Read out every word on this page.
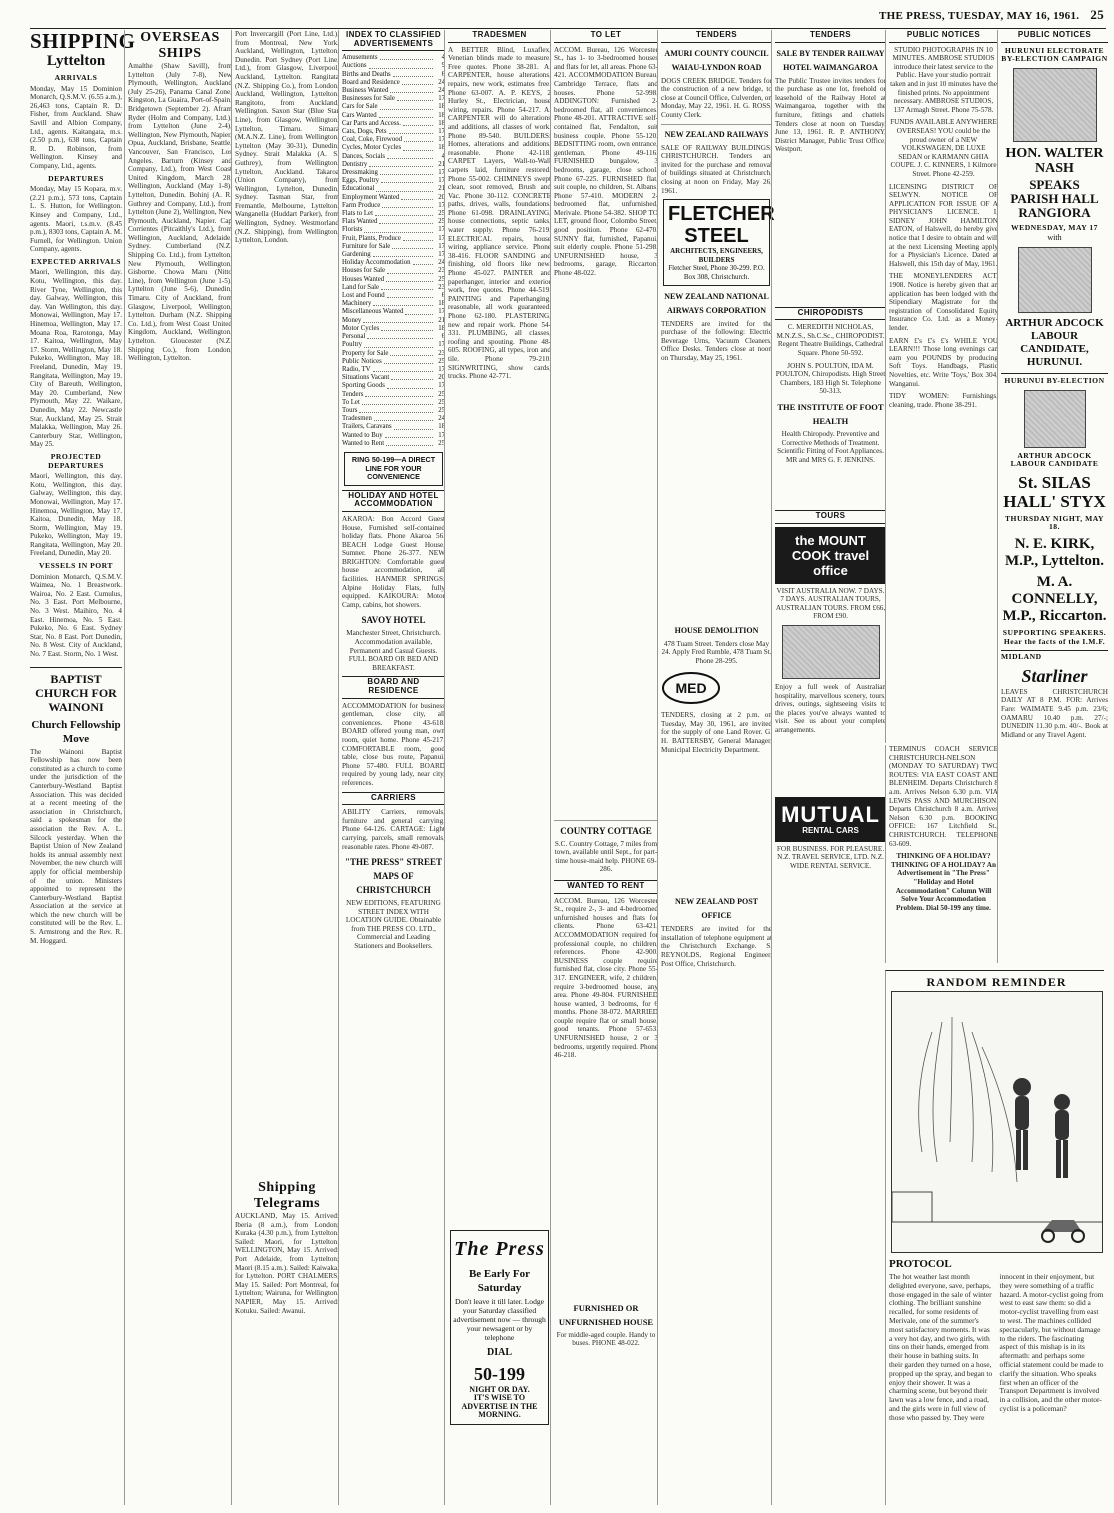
THE PRESS, TUESDAY, MAY 16, 1961. 25
SHIPPING
Lyttelton
ARRIVALS
Monday, May 15 Dominion Monarch, Q.S.M.V. (6.55 a.m.), 26,463 tons, Captain R. D. Fisher, from Auckland. Shaw Savill and Albion Company, Ltd., agents. Kaitangata, m.s. (2.50 p.m.), 638 tons, Captain R. D. Robinson, from Wellington. Kinsey and Company, Ltd., agents.
DEPARTURES
Monday, May 15 Kopara, m.v. (2.21 p.m.), 573 tons, Captain L. S. Hutton, for Wellington. Kinsey and Company, Ltd., agents. Maori, t.s.m.v. (8.45 p.m.), 8303 tons, Captain A. M. Furnell, for Wellington. Union Company, agents.
EXPECTED ARRIVALS
Maori, Wellington, this day. Kotu, Wellington, this day. River Tyne, Wellington, this day. Galway, Wellington, this day. Van Wellington, this day. Monowai, Wellington, May 17. Hinemoa, Wellington, May 17. Moana Roa, Rarotonga, May 17. Kaitoa, Wellington, May 17. Storm, Wellington, May 18. Pukeko, Wellington, May 18. Freeland, Dunedin, May 19. Rangitata, Wellington, May 19. City of Bareuth, Wellington, May 20. Cumberland, New Plymouth, May 22. Waikare, Dunedin, May 22. Newcastle Star, Auckland, May 25. Strait Malakka, Wellington, May 26. Canterbury Star, Wellington, May 25.
PROJECTED DEPARTURES
Maori, Wellington, this day. Kotu, Wellington, this day. Galway, Wellington, this day. Monowai, Wellington, May 17. Hinemoa, Wellington, May 17. Kaitoa, Dunedin, May 18. Storm, Wellington, May 19. Pukeko, Wellington, May 19. Rangitata, Wellington, May 20. Freeland, Dunedin, May 20.
VESSELS IN PORT
Dominion Monarch, Q.S.M.V. Waimea, No. 1 Breastwork. Wairoa, No. 2 East. Cumulus, No. 3 East. Port Melbourne, No. 3 West. Maihiro, No. 4 East. Hinemoa, No. 5 East. Pukeko, No. 6 East. Sydney Star, No. 8 East. Port Dunedin, No. 8 West. City of Auckland, No. 7 East. Storm, No. 1 West.
BAPTIST CHURCH FOR WAINONI
Church Fellowship Move
The Wainoni Baptist Fellowship has now been constituted as a church to come under the jurisdiction of the Canterbury-Westland Baptist Association. This was decided at a recent meeting of the association in Christchurch, said a spokesman for the association the Rev. A. L. Silcock yesterday. When the Baptist Union of New Zealand holds its annual assembly next November, the new church will apply for official membership of the union. Ministers appointed to represent the Canterbury-Westland Baptist Association at the service at which the new church will be constituted will be the Rev. L. S. Armstrong and the Rev. R. M. Hoggard.
OVERSEAS SHIPS
Amalthe (Shaw Savill), from Lyttelton (July 7-8), New Plymouth, Wellington, Auckland (July 25-26), Panama Canal Zone, Kingston, La Guaira, Port-of-Spain, Bridgetown (September 2). Afram Ryder (Holm and Company, Ltd.), from Lyttelton (June 2-4), Wellington, New Plymouth, Napier, Opua, Auckland, Brisbane, Seattle, Vancouver, San Francisco, Los Angeles. Barturn (Kinsey and Company, Ltd.), from West Coast United Kingdom, March 28, Wellington, Auckland (May 1-8), Lyttelton, Dunedin. Bohinj (A. R. Guthrey and Company, Ltd.), from Lyttelton (June 2), Wellington, New Plymouth, Auckland, Napier. Cap Corrientes (Pitcaithly's Ltd.), from Wellington, Auckland, Adelaide, Sydney. Cumberland (N.Z. Shipping Co. Ltd.), from Lyttelton, New Plymouth, Wellington, Gisborne. Chowa Maru (Nitto Line), from Wellington (June 1-5), Lyttelton (June 5-6), Dunedin, Timaru. City of Auckland, from Glasgow, Liverpool, Wellington, Lyttelton. Durham (N.Z. Shipping Co. Ltd.), from West Coast United Kingdom, Auckland, Wellington, Lyttelton. Gloucester (N.Z. Shipping Co.), from London, Wellington, Lyttelton.
Port Invercargill (Port Line, Ltd.), from Montreal, New York, Auckland, Wellington, Lyttelton, Dunedin. Port Sydney (Port Line, Ltd.), from Glasgow, Liverpool, Auckland, Lyttelton. Rangitata (N.Z. Shipping Co.), from London, Auckland, Wellington, Lyttelton. Rangitoto, from Auckland, Wellington. Saxon Star (Blue Star Line), from Glasgow, Wellington, Lyttelton, Timaru. Simara (M.A.N.Z. Line), from Wellington, Lyttelton (May 30-31), Dunedin, Sydney. Strait Malakka (A. S. Guthrey), from Wellington, Lyttelton, Auckland. Takaroa (Union Company), from Wellington, Lyttelton, Dunedin, Sydney. Tasman Star, from Fremantle, Melbourne, Lyttelton. Wanganella (Huddart Parker), from Wellington, Sydney. Westmorland (N.Z. Shipping), from Wellington, Lyttelton, London.
Shipping Telegrams
AUCKLAND, May 15. Arrived: Iberia (8 a.m.), from London; Kuraka (4.30 p.m.), from Lyttelton. Sailed: Maori, for Lyttelton. WELLINGTON, May 15. Arrived: Port Adelaide, from Lyttelton; Maori (8.15 a.m.). Sailed: Kaiwaka, for Lyttelton. PORT CHALMERS, May 15. Sailed: Port Montreal, for Lyttelton; Wairuna, for Wellington. NAPIER, May 15. Arrived: Kotuku. Sailed: Awanui.
INDEX TO CLASSIFIED ADVERTISEMENTS
Amusements	4
Auctions	9
Births and Deaths	6
Board and Residence	24
Business Wanted	24
Businesses for Sale	17
Cars for Sale	18
Cars Wanted	18
Car Parts and Access.	18
Cats, Dogs, Pets	17
Coal, Coke, Firewood	17
Cycles, Motor Cycles	18
Dances, Socials	4
Dentistry	21
Dressmaking	17
Eggs, Poultry	17
Educational	21
Employment Wanted	20
Farm Produce	17
Flats to Let	25
Flats Wanted	25
Florists	17
Fruit, Plants, Produce	17
Furniture for Sale	17
Gardening	17
Holiday Accommodation	24
Houses for Sale	23
Houses Wanted	25
Land for Sale	23
Lost and Found	6
Machinery	18
Miscellaneous Wanted	17
Money	21
Motor Cycles	18
Personal	6
Poultry	17
Property for Sale	23
Public Notices	25
Radio, TV	17
Situations Vacant	20
Sporting Goods	17
Tenders	25
To Let	25
Tours	25
Tradesmen	24
Trailers, Caravans	18
Wanted to Buy	17
Wanted to Rent	25
RING 50-199—A DIRECT LINE FOR YOUR CONVENIENCE
HOLIDAY AND HOTEL ACCOMMODATION
AKAROA: Bon Accord Guest House, Furnished self-contained holiday flats. Phone Akaroa 56. BEACH Lodge Guest House, Sumner. Phone 26-377. NEW BRIGHTON: Comfortable guest house accommodation, all facilities. HANMER SPRINGS: Alpine Holiday Flats, fully equipped. KAIKOURA: Motor Camp, cabins, hot showers.
SAVOY HOTEL
Manchester Street, Christchurch. Accommodation available, Permanent and Casual Guests. FULL BOARD OR BED AND BREAKFAST.
BOARD AND RESIDENCE
ACCOMMODATION for business gentleman, close city, all conveniences. Phone 43-618. BOARD offered young man, own room, quiet home. Phone 45-217. COMFORTABLE room, good table, close bus route, Papanui. Phone 57-480. FULL BOARD required by young lady, near city, references.
CARRIERS
ABILITY Carriers, removals, furniture and general carrying. Phone 64-126. CARTAGE: Light carrying, parcels, small removals, reasonable rates. Phone 49-087.
"THE PRESS" STREET MAPS OF CHRISTCHURCH
NEW EDITIONS, FEATURING STREET INDEX WITH LOCATION GUIDE. Obtainable from THE PRESS CO. LTD., Commercial and Leading Stationers and Booksellers.
TRADESMEN
A BETTER Blind, Luxaflex, Venetian blinds made to measure. Free quotes. Phone 38-281. A. CARPENTER, house alterations, repairs, new work, estimates free. Phone 63-007. A. P. KEYS, 2 Hurley St., Electrician, house wiring, repairs. Phone 54-217. A. CARPENTER will do alterations and additions, all classes of work. Phone 89-540. BUILDERS: Homes, alterations and additions, reasonable. Phone 42-118. CARPET Layers, Wall-to-Wall carpets laid, furniture restored. Phone 55-002. CHIMNEYS swept clean, soot removed, Brush and Vac. Phone 30-112. CONCRETE paths, drives, walls, foundations. Phone 61-098. DRAINLAYING, house connections, septic tanks, water supply. Phone 76-219. ELECTRICAL repairs, house wiring, appliance service. Phone 38-416. FLOOR SANDING and finishing, old floors like new. Phone 45-027. PAINTER and paperhanger, interior and exterior work, free quotes. Phone 44-519. PAINTING and Paperhanging, reasonable, all work guaranteed. Phone 62-180. PLASTERING, new and repair work. Phone 54-331. PLUMBING, all classes, roofing and spouting. Phone 48-605. ROOFING, all types, iron and tile. Phone 79-210. SIGNWRITING, show cards, trucks. Phone 42-771.
The Press
Be Early For Saturday
Don't leave it till later. Lodge your Saturday classified advertisement now — through your newsagent or by telephone
DIAL
50-199
NIGHT OR DAY.
IT'S WISE TO ADVERTISE IN THE MORNING.
TO LET
ACCOM. Bureau, 126 Worcester St., has 1- to 3-bedroomed houses and flats for let, all areas. Phone 63-421. ACCOMMODATION Bureau, Cambridge Terrace, flats and houses. Phone 52-998. ADDINGTON: Furnished 2-bedroomed flat, all conveniences. Phone 48-201. ATTRACTIVE self-contained flat, Fendalton, suit business couple. Phone 55-120. BEDSITTING room, own entrance, gentleman. Phone 49-116. FURNISHED bungalow, 3 bedrooms, garage, close school. Phone 67-225. FURNISHED flat, suit couple, no children, St. Albans. Phone 57-410. MODERN 2-bedroomed flat, unfurnished, Merivale. Phone 54-382. SHOP TO LET, ground floor, Colombo Street, good position. Phone 62-470. SUNNY flat, furnished, Papanui, suit elderly couple. Phone 51-298. UNFURNISHED house, 3 bedrooms, garage, Riccarton. Phone 48-022.
COUNTRY COTTAGE
S.C. Country Cottage, 7 miles from town, available until Sept., for part-time house-maid help. PHONE 69-286.
WANTED TO RENT
ACCOM. Bureau, 126 Worcester St., require 2-, 3- and 4-bedroomed unfurnished houses and flats for clients. Phone 63-421. ACCOMMODATION required for professional couple, no children, references. Phone 42-900. BUSINESS couple require furnished flat, close city. Phone 55-317. ENGINEER, wife, 2 children, require 3-bedroomed house, any area. Phone 49-804. FURNISHED house wanted, 3 bedrooms, for 6 months. Phone 38-072. MARRIED couple require flat or small house, good tenants. Phone 57-653. UNFURNISHED house, 2 or 3 bedrooms, urgently required. Phone 46-218.
FURNISHED OR UNFURNISHED HOUSE
For middle-aged couple. Handy to buses. PHONE 48-022.
TENDERS
AMURI COUNTY COUNCIL WAIAU-LYNDON ROAD
DOGS CREEK BRIDGE. Tenders for the construction of a new bridge, to close at Council Office, Culverden, on Monday, May 22, 1961. H. G. ROSS, County Clerk.
NEW ZEALAND RAILWAYS
SALE OF RAILWAY BUILDINGS: CHRISTCHURCH. Tenders are invited for the purchase and removal of buildings situated at Christchurch, closing at noon on Friday, May 26, 1961.
FLETCHER STEEL
ARCHITECTS, ENGINEERS, BUILDERS
Fletcher Steel, Phone 30-299. P.O. Box 308, Christchurch.
NEW ZEALAND NATIONAL AIRWAYS CORPORATION
TENDERS are invited for the purchase of the following: Electric Beverage Urns, Vacuum Cleaners, Office Desks. Tenders close at noon on Thursday, May 25, 1961.
HOUSE DEMOLITION
478 Tuam Street. Tenders close May 24. Apply Fred Rumble, 478 Tuam St. Phone 28-295.
MED
TENDERS, closing at 2 p.m. on Tuesday, May 30, 1961, are invited for the supply of one Land Rover. G. H. BATTERSBY, General Manager, Municipal Electricity Department.
NEW ZEALAND POST OFFICE
TENDERS are invited for the installation of telephone equipment at the Christchurch Exchange. S. REYNOLDS, Regional Engineer, Post Office, Christchurch.
TENDERS
SALE BY TENDER RAILWAY HOTEL WAIMANGAROA
The Public Trustee invites tenders for the purchase as one lot, freehold or leasehold of the Railway Hotel at Waimangaroa, together with the furniture, fittings and chattels. Tenders close at noon on Tuesday, June 13, 1961. R. P. ANTHONY, District Manager, Public Trust Office, Westport.
CHIROPODISTS
C. MEREDITH NICHOLAS, M.N.Z.S., Sh.C.Sc., CHIROPODIST. Regent Theatre Buildings, Cathedral Square. Phone 50-592.
JOHN S. POULTON, IDA M. POULTON, Chiropodists. High Street Chambers, 183 High St. Telephone 50-313.
THE INSTITUTE OF FOOT HEALTH
Health Chiropody. Preventive and Corrective Methods of Treatment. Scientific Fitting of Foot Appliances. MR and MRS G. F. JENKINS.
TOURS
the MOUNT COOK travel office
VISIT AUSTRALIA NOW. 7 DAYS. 7 DAYS. AUSTRALIAN TOURS, AUSTRALIAN TOURS. FROM £66, FROM £90.
Enjoy a full week of Australian hospitality, marvellous scenery, tours, drives, outings, sightseeing visits to the places you've always wanted to visit. See us about your complete arrangements.
MUTUAL
RENTAL CARS
FOR BUSINESS. FOR PLEASURE. N.Z. TRAVEL SERVICE, LTD. N.Z. WIDE RENTAL SERVICE.
PUBLIC NOTICES
STUDIO PHOTOGRAPHS IN 10 MINUTES. AMBROSE STUDIOS introduce their latest service to the Public. Have your studio portrait taken and in just 10 minutes have the finished prints. No appointment necessary. AMBROSE STUDIOS, 137 Armagh Street. Phone 75-578.
FUNDS AVAILABLE ANYWHERE OVERSEAS! YOU could be the proud owner of a NEW VOLKSWAGEN, DE LUXE SEDAN or KARMANN GHIA COUPE. J. C. KINNERS, 1 Kilmore Street. Phone 42-259.
LICENSING DISTRICT OF SELWYN. NOTICE OF APPLICATION FOR ISSUE OF A PHYSICIAN'S LICENCE. I, SIDNEY JOHN HAMILTON EATON, of Halswell, do hereby give notice that I desire to obtain and will at the next Licensing Meeting apply for a Physician's Licence. Dated at Halswell, this 15th day of May, 1961.
THE MONEYLENDERS ACT, 1908. Notice is hereby given that an application has been lodged with the Stipendiary Magistrate for the registration of Consolidated Equity Insurance Co. Ltd. as a Money-lender.
EARN £'s £'s £'s WHILE YOU LEARN!!! Those long evenings can earn you POUNDS by producing Soft Toys. Handbags, Plastic Novelties, etc. Write 'Toys,' Box 304, Wanganui.
TIDY WOMEN: Furnishings, cleaning, trade. Phone 38-291.
TERMINUS COACH SERVICE CHRISTCHURCH-NELSON (MONDAY TO SATURDAY) TWO ROUTES: VIA EAST COAST AND BLENHEIM. Departs Christchurch 8 a.m. Arrives Nelson 6.30 p.m. VIA LEWIS PASS AND MURCHISON. Departs Christchurch 8 a.m. Arrives Nelson 6.30 p.m. BOOKING OFFICE: 167 Litchfield St., CHRISTCHURCH. TELEPHONE 63-609.
THINKING OF A HOLIDAY? THINKING OF A HOLIDAY? An Advertisement in "The Press" "Holiday and Hotel Accommodation" Column Will Solve Your Accommodation Problem. Dial 50-199 any time.
PUBLIC NOTICES
HURUNUI ELECTORATE BY-ELECTION CAMPAIGN
HON. WALTER NASH
SPEAKS
PARISH HALL RANGIORA
WEDNESDAY, MAY 17
with
ARTHUR ADCOCK LABOUR CANDIDATE, HURUNUI.
HURUNUI BY-ELECTION
ARTHUR ADCOCK LABOUR CANDIDATE
St. SILAS HALL' STYX
THURSDAY NIGHT, MAY 18.
N. E. KIRK, M.P., Lyttelton.
M. A. CONNELLY, M.P., Riccarton.
SUPPORTING SPEAKERS. Hear the facts of the I.M.F.
MIDLAND
Starliner
LEAVES CHRISTCHURCH DAILY AT 8 P.M. FOR: Arrives Fare: WAIMATE 9.45 p.m. 23/6; OAMARU 10.40 p.m. 27/-; DUNEDIN 11.30 p.m. 40/-. Book at Midland or any Travel Agent.
RANDOM REMINDER
PROTOCOL
The hot weather last month delighted everyone, save, perhaps, those engaged in the sale of winter clothing. The brilliant sunshine recalled, for some residents of Merivale, one of the summer's most satisfactory moments. It was a very hot day, and two girls, with tins on their hands, emerged from their house in bathing suits. In their garden they turned on a hose, propped up the spray, and began to enjoy their shower. It was a charming scene, but beyond their lawn was a low fence, and a road, and the girls were in full view of those who passed by. They were innocent in their enjoyment, but they were something of a traffic hazard. A motor-cyclist going from west to east saw them: so did a motor-cyclist travelling from east to west. The machines collided spectacularly, but without damage to the riders. The fascinating aspect of this mishap is in its aftermath: and perhaps some official statement could be made to clarify the situation. Who speaks first when an officer of the Transport Department is involved in a collision, and the other motor-cyclist is a policeman?
